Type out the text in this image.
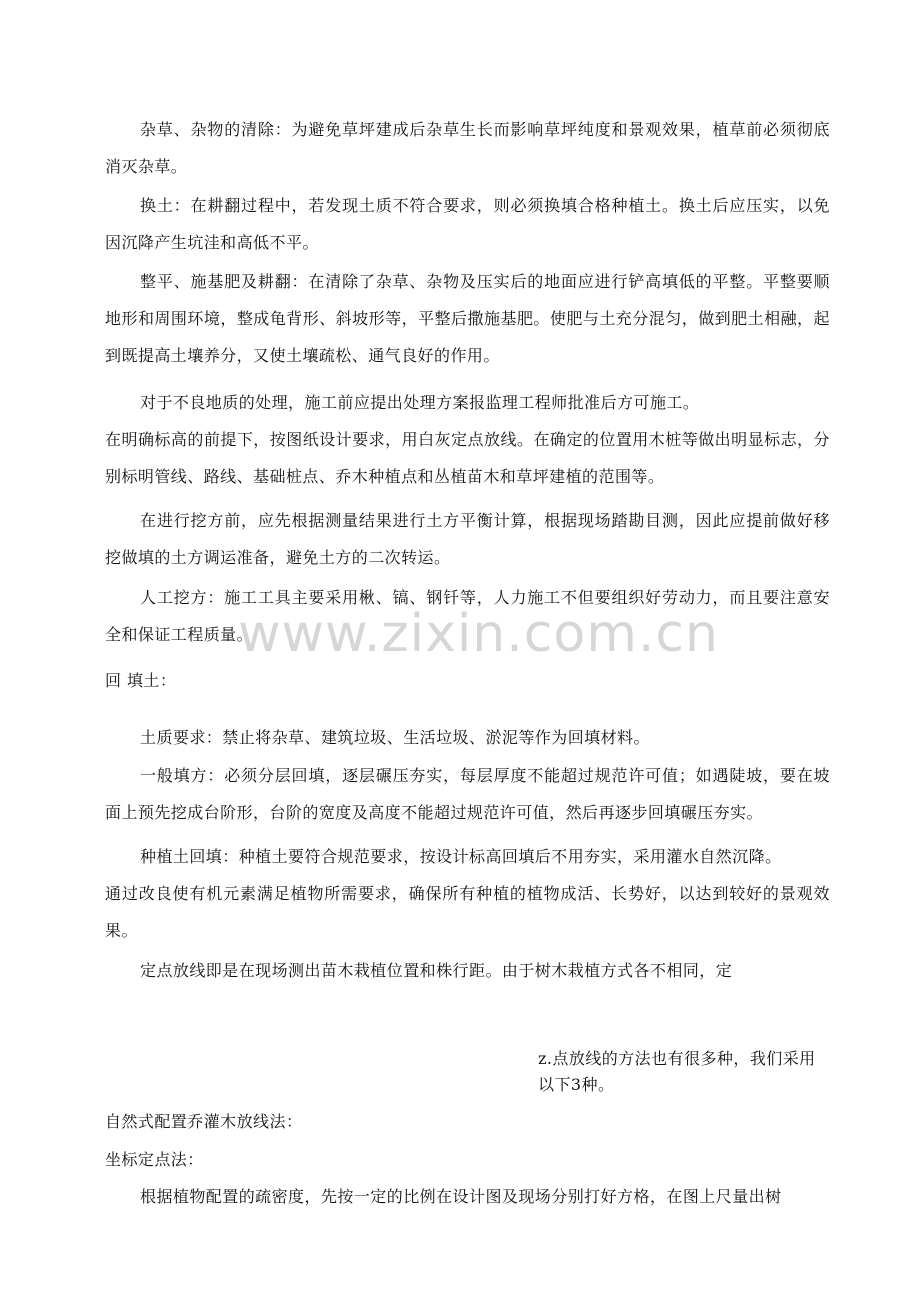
www.zixin.com.cn

杂草、杂物的清除：为避免草坪建成后杂草生长而影响草坪纯度和景观效果，植草前必须彻底消灭杂草。

换土：在耕翻过程中，若发现土质不符合要求，则必须换填合格种植土。换土后应压实，以免因沉降产生坑洼和高低不平。

整平、施基肥及耕翻：在清除了杂草、杂物及压实后的地面应进行铲高填低的平整。平整要顺地形和周围环境，整成龟背形、斜坡形等，平整后撒施基肥。使肥与土充分混匀，做到肥土相融，起到既提高土壤养分，又使土壤疏松、通气良好的作用。

对于不良地质的处理，施工前应提出处理方案报监理工程师批准后方可施工。

在明确标高的前提下，按图纸设计要求，用白灰定点放线。在确定的位置用木桩等做出明显标志，分别标明管线、路线、基础桩点、乔木种植点和丛植苗木和草坪建植的范围等。

在进行挖方前，应先根据测量结果进行土方平衡计算，根据现场踏勘目测，因此应提前做好移挖做填的土方调运准备，避免土方的二次转运。

人工挖方：施工工具主要采用楸、镐、钢钎等，人力施工不但要组织好劳动力，而且要注意安全和保证工程质量。

回 填土：

土质要求：禁止将杂草、建筑垃圾、生活垃圾、淤泥等作为回填材料。

一般填方：必须分层回填，逐层碾压夯实，每层厚度不能超过规范许可值；如遇陡坡，要在坡面上预先挖成台阶形，台阶的宽度及高度不能超过规范许可值，然后再逐步回填碾压夯实。

种植土回填：种植土要符合规范要求，按设计标高回填后不用夯实，采用灌水自然沉降。

通过改良使有机元素满足植物所需要求，确保所有种植的植物成活、长势好，以达到较好的景观效果。

定点放线即是在现场测出苗木栽植位置和株行距。由于树木栽植方式各不相同，定

z.点放线的方法也有很多种，我们采用以下3种。

自然式配置乔灌木放线法：

坐标定点法：

根据植物配置的疏密度，先按一定的比例在设计图及现场分别打好方格，在图上尺量出树
